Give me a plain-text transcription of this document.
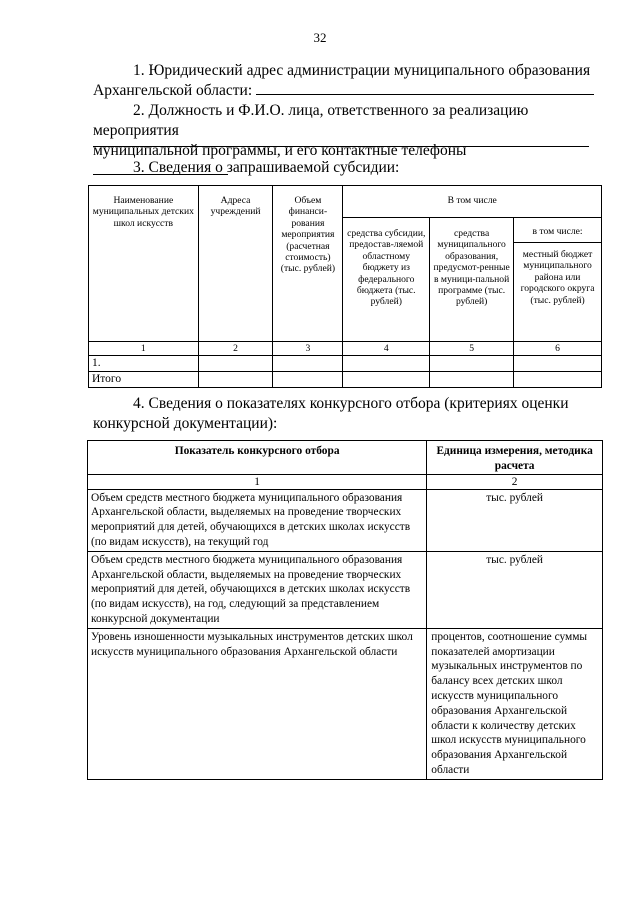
32
1. Юридический адрес администрации муниципального образования
Архангельской области:
2. Должность и Ф.И.О. лица, ответственного за реализацию мероприятия
муниципальной программы, и его контактные телефоны
3. Сведения о запрашиваемой субсидии:
Наименование муниципальных детских школ искусств	Адреса учреждений	Объем финанси-рования мероприятия (расчетная стоимость) (тыс. рублей)	В том числе		
			средства субсидии, предостав-ляемой областному бюджету из федерального бюджета (тыс. рублей)	средства муниципального образования, предусмот-ренные в муници-пальной программе (тыс. рублей)	в том числе:
					местный бюджет муниципального района или городского округа (тыс. рублей)
1	2	3	4	5	6
1.					
Итого					
4. Сведения о показателях конкурсного отбора (критериях оценки
конкурсной документации):
Показатель конкурсного отбора	Единица измерения, методика расчета
1	2
Объем средств местного бюджета муниципального образования Архангельской области, выделяемых на проведение творческих мероприятий для детей, обучающихся в детских школах искусств (по видам искусств), на текущий год	тыс. рублей
Объем средств местного бюджета муниципального образования Архангельской области, выделяемых на проведение творческих мероприятий для детей, обучающихся в детских школах искусств (по видам искусств), на год, следующий за представлением конкурсной документации	тыс. рублей
Уровень изношенности музыкальных инструментов детских школ искусств муниципального образования Архангельской области	процентов, соотношение суммы показателей амортизации музыкальных инструментов по балансу всех детских школ искусств муниципального образования Архангельской области к количеству детских школ искусств муниципального образования Архангельской области
